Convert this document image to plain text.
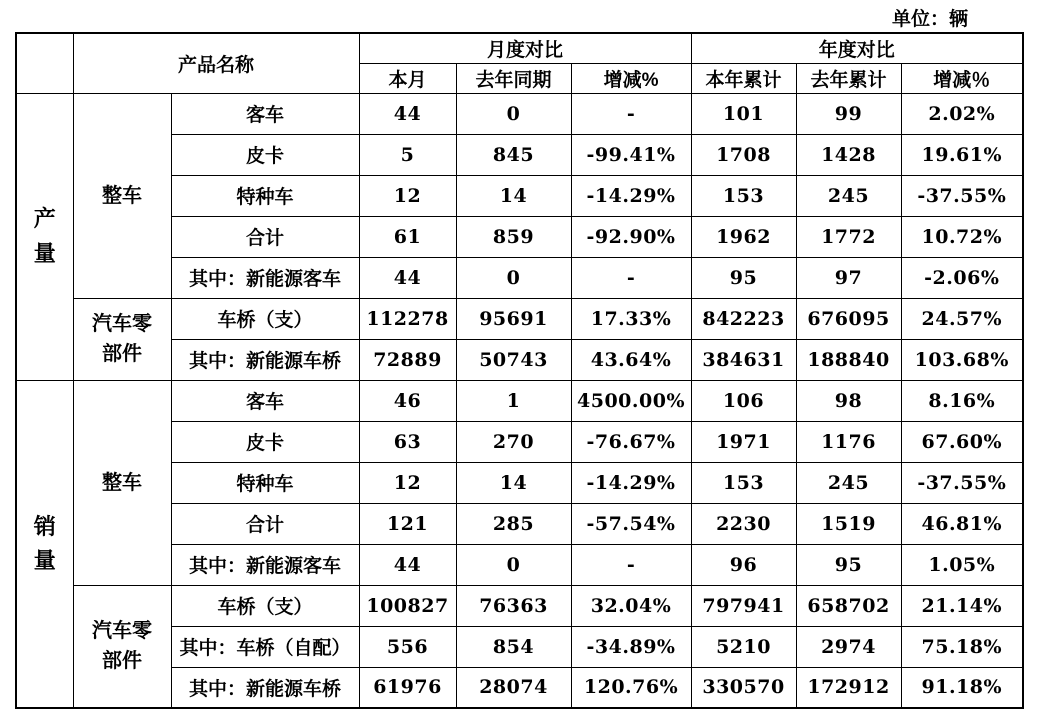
单位：辆
	产品名称		月度对比			年度对比		
			本月	去年同期	增减%	本年累计	去年累计	增减％
产量	整车	客车	44	0	-	101	99	2.02%
		皮卡	5	845	-99.41%	1708	1428	19.61%
		特种车	12	14	-14.29%	153	245	-37.55%
		合计	61	859	-92.90%	1962	1772	10.72%
		其中：新能源客车	44	0	-	95	97	-2.06%
	汽车零部件	车桥（支）	112278	95691	17.33%	842223	676095	24.57%
		其中：新能源车桥	72889	50743	43.64%	384631	188840	103.68%
销量	整车	客车	46	1	4500.00%	106	98	8.16%
		皮卡	63	270	-76.67%	1971	1176	67.60%
		特种车	12	14	-14.29%	153	245	-37.55%
		合计	121	285	-57.54%	2230	1519	46.81%
		其中：新能源客车	44	0	-	96	95	1.05%
	汽车零部件	车桥（支）	100827	76363	32.04%	797941	658702	21.14%
		其中：车桥（自配）	556	854	-34.89%	5210	2974	75.18%
		其中：新能源车桥	61976	28074	120.76%	330570	172912	91.18%
